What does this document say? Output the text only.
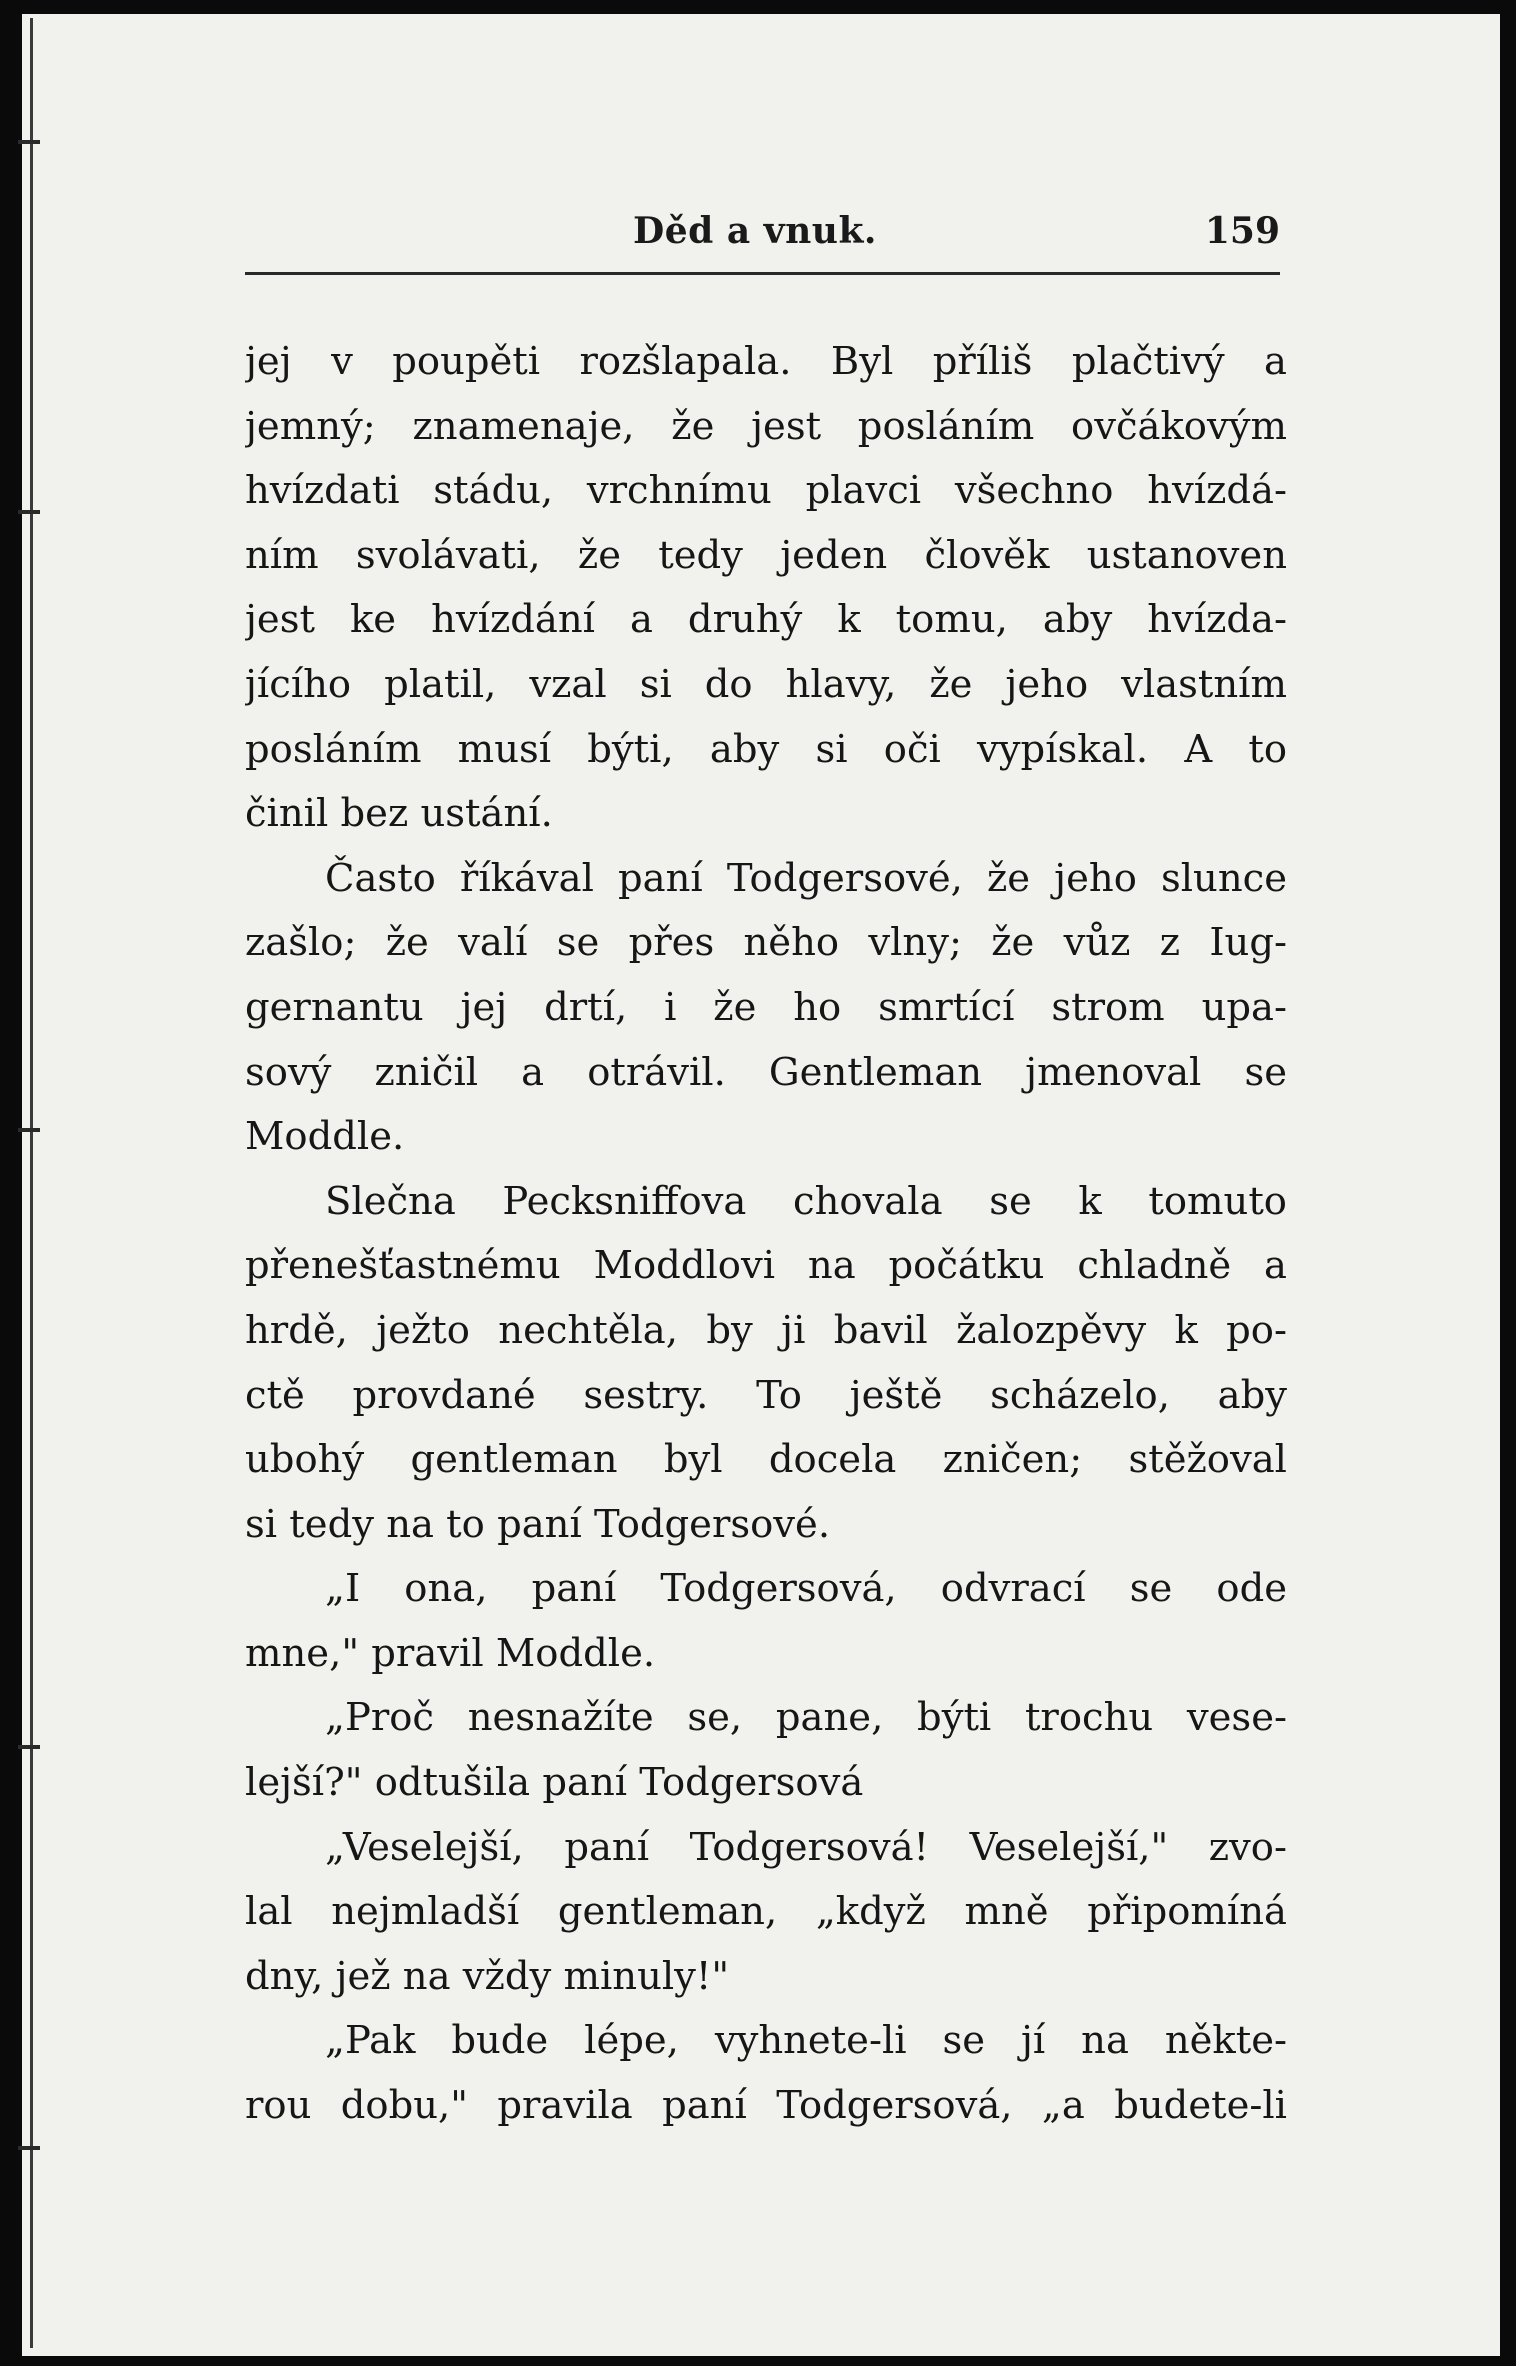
Děd a vnuk.	159
jej v poupěti rozšlapala. Byl příliš plačtivý a
jemný; znamenaje, že jest posláním ovčákovým
hvízdati stádu, vrchnímu plavci všechno hvízdá-
ním svolávati, že tedy jeden člověk ustanoven
jest ke hvízdání a druhý k tomu, aby hvízda-
jícího platil, vzal si do hlavy, že jeho vlastním
posláním musí býti, aby si oči vypískal. A to
činil bez ustání.
Často říkával paní Todgersové, že jeho slunce
zašlo; že valí se přes něho vlny; že vůz z Iug-
gernantu jej drtí, i že ho smrtící strom upa-
sový zničil a otrávil. Gentleman jmenoval se
Moddle.
Slečna Pecksniffova chovala se k tomuto
přenešťastnému Moddlovi na počátku chladně a
hrdě, ježto nechtěla, by ji bavil žalozpěvy k po-
ctě provdané sestry. To ještě scházelo, aby
ubohý gentleman byl docela zničen; stěžoval
si tedy na to paní Todgersové.
„I ona, paní Todgersová, odvrací se ode
mne," pravil Moddle.
„Proč nesnažíte se, pane, býti trochu vese-
lejší?" odtušila paní Todgersová
„Veselejší, paní Todgersová! Veselejší," zvo-
lal nejmladší gentleman, „když mně připomíná
dny, jež na vždy minuly!"
„Pak bude lépe, vyhnete-li se jí na někte-
rou dobu," pravila paní Todgersová, „a budete-li
